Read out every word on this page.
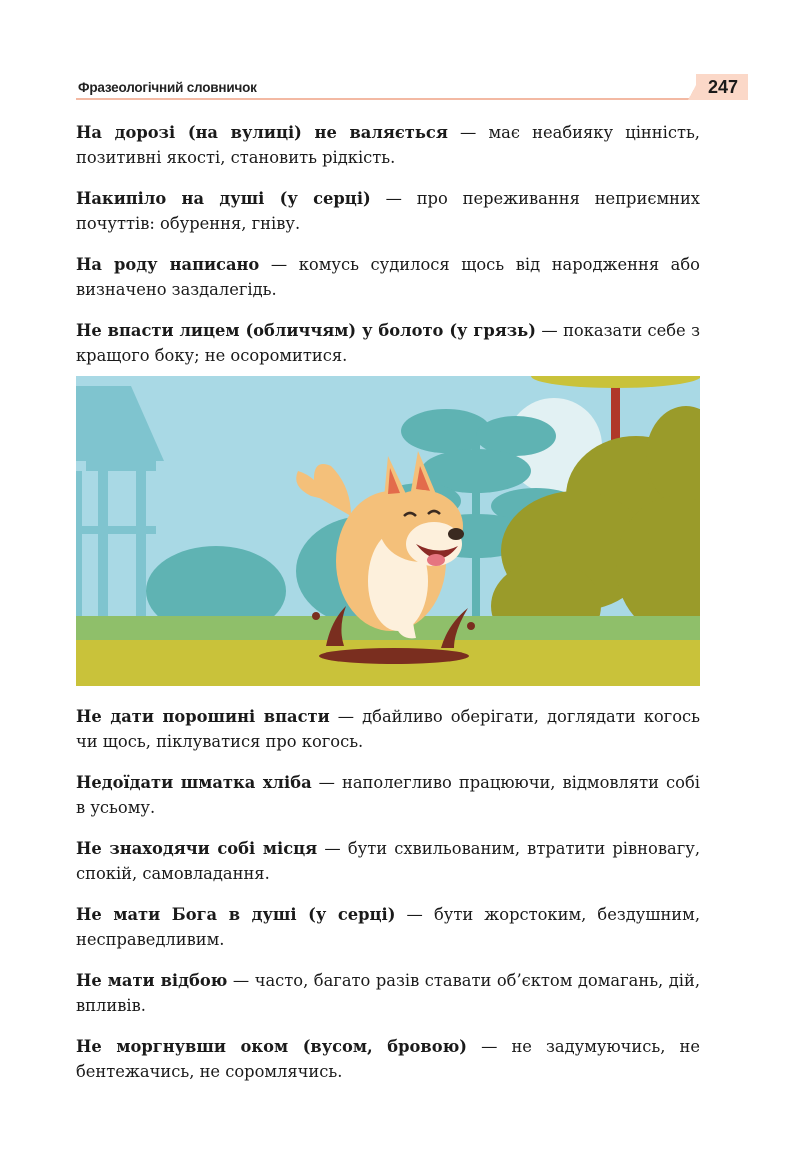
Фразеологічний словничок	247

На дорозі (на вулиці) не валяється — має неабияку цінність, позитивні якості, становить рідкість.

Накипіло на душі (у серці) — про переживання неприємних почуттів: обурення, гніву.

На роду написано — комусь судилося щось від народження або визначено заздалегідь.

Не впасти лицем (обличчям) у болото (у грязь) — показати себе з кращого боку; не осоромитися.

Не дати порошині впасти — дбайливо оберігати, доглядати когось чи щось, піклуватися про когось.

Недоїдати шматка хліба — наполегливо працюючи, відмовляти собі в усьому.

Не знаходячи собі місця — бути схвильованим, втратити рівновагу, спокій, самовладання.

Не мати Бога в душі (у серці) — бути жорстоким, бездушним, несправедливим.

Не мати відбою — часто, багато разів ставати об’єктом домагань, дій, впливів.

Не моргнувши оком (вусом, бровою) — не задумуючись, не бентежачись, не соромлячись.
